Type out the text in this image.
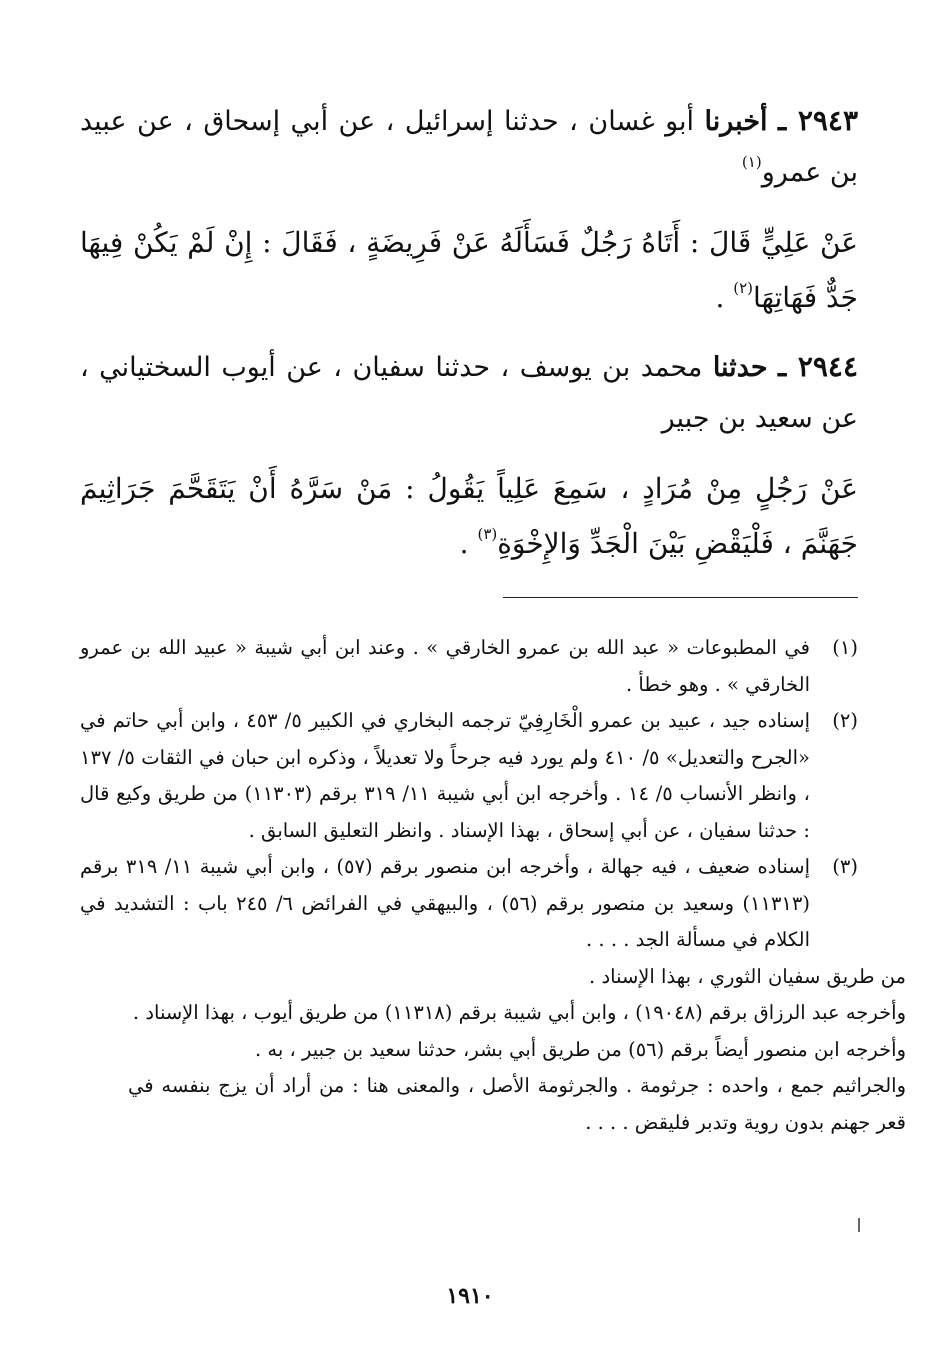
٢٩٤٣ ـ أخبرنا أبو غسان ، حدثنا إسرائيل ، عن أبي إسحاق ، عن عبيد بن عمرو$^{(١)}$

عَنْ عَلِيٍّ قَالَ : أَتَاهُ رَجُلٌ فَسَأَلَهُ عَنْ فَرِيضَةٍ ، فَقَالَ : إِنْ لَمْ يَكُنْ فِيهَا جَدٌّ فَهَاتِهَا$^{(٢)}$ .

٢٩٤٤ ـ حدثنا محمد بن يوسف ، حدثنا سفيان ، عن أيوب السختياني ، عن سعيد بن جبير

عَنْ رَجُلٍ مِنْ مُرَادٍ ، سَمِعَ عَلِياً يَقُولُ : مَنْ سَرَّهُ أَنْ يَتَقَحَّمَ جَرَاثِيمَ جَهَنَّمَ ، فَلْيَقْضِ بَيْنَ الْجَدِّ وَالإِخْوَةِ$^{(٣)}$ .

(١)

في المطبوعات « عبد الله بن عمرو الخارقي » . وعند ابن أبي شيبة « عبيد الله بن عمرو الخارقي » . وهو خطأ .

(٢)

إسناده جيد ، عبيد بن عمرو الْخَارِفِيّ ترجمه البخاري في الكبير ٥/ ٤٥٣ ، وابن أبي حاتم في «الجرح والتعديل» ٥/ ٤١٠ ولم يورد فيه جرحاً ولا تعديلاً ، وذكره ابن حبان في الثقات ٥/ ١٣٧ ، وانظر الأنساب ٥/ ١٤ . وأخرجه ابن أبي شيبة ١١/ ٣١٩ برقم (١١٣٠٣) من طريق وكيع قال : حدثنا سفيان ، عن أبي إسحاق ، بهذا الإسناد . وانظر التعليق السابق .

(٣)

إسناده ضعيف ، فيه جهالة ، وأخرجه ابن منصور برقم (٥٧) ، وابن أبي شيبة ١١/ ٣١٩ برقم (١١٣١٣) وسعيد بن منصور برقم (٥٦) ، والبيهقي في الفرائض ٦/ ٢٤٥ باب : التشديد في الكلام في مسألة الجد . . . .

من طريق سفيان الثوري ، بهذا الإسناد .

وأخرجه عبد الرزاق برقم (١٩٠٤٨) ، وابن أبي شيبة برقم (١١٣١٨) من طريق أيوب ، بهذا الإسناد .

وأخرجه ابن منصور أيضاً برقم (٥٦) من طريق أبي بشر، حدثنا سعيد بن جبير ، به .

والجراثيم جمع ، واحده : جرثومة . والجرثومة الأصل ، والمعنى هنا : من أراد أن يزج بنفسه في قعر جهنم بدون روية وتدبر فليقض . . . .

١٩١٠
